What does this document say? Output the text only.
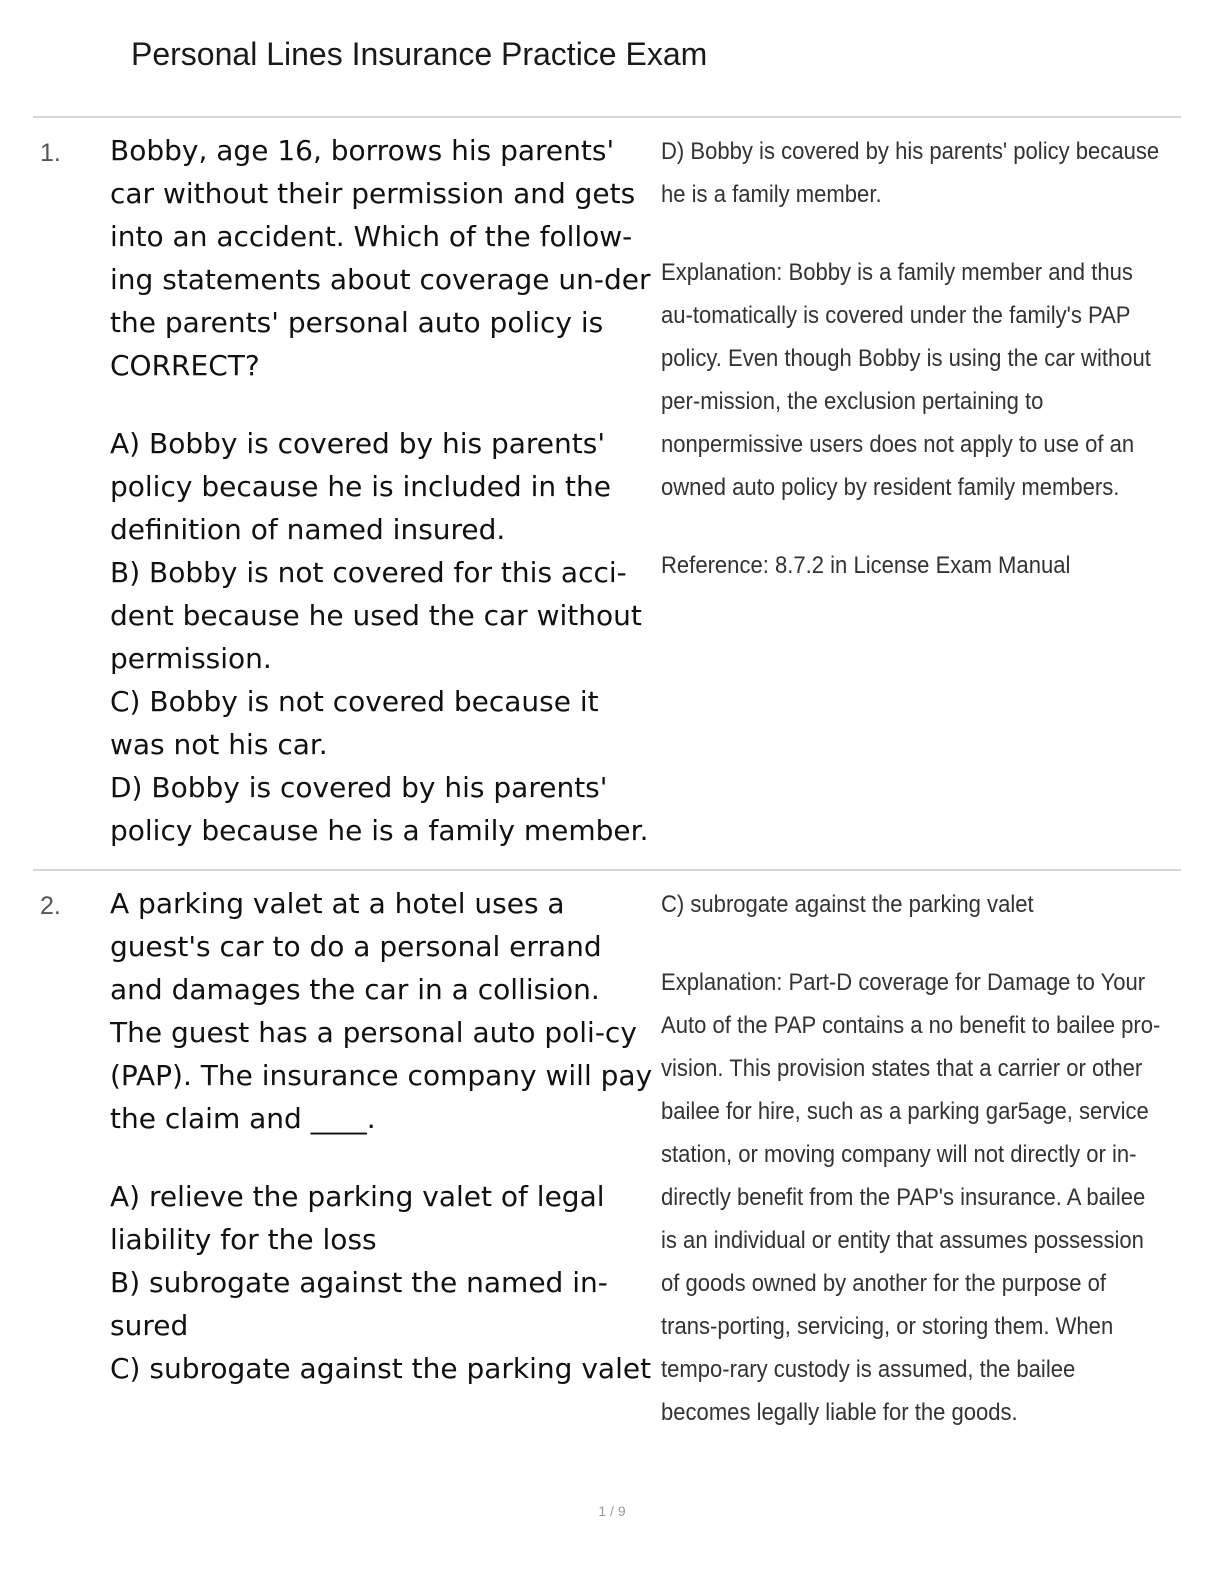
Personal Lines Insurance Practice Exam
1. Bobby, age 16, borrows his parents' car without their permission and gets into an accident. Which of the follow-ing statements about coverage un-der the parents' personal auto policy is CORRECT?

A) Bobby is covered by his parents' policy because he is included in the definition of named insured.

B) Bobby is not covered for this acci-dent because he used the car without permission.

C) Bobby is not covered because it was not his car.

D) Bobby is covered by his parents' policy because he is a family member.

D) Bobby is covered by his parents' policy because he is a family member.

Explanation: Bobby is a family member and thus au-tomatically is covered under the family's PAP policy. Even though Bobby is using the car without per-mission, the exclusion pertaining to nonpermissive users does not apply to use of an owned auto policy by resident family members.

Reference: 8.7.2 in License Exam Manual

2. A parking valet at a hotel uses a guest's car to do a personal errand and damages the car in a collision. The guest has a personal auto poli-cy (PAP). The insurance company will pay the claim and ____.

A) relieve the parking valet of legal liability for the loss

B) subrogate against the named in-sured

C) subrogate against the parking valet

C) subrogate against the parking valet

Explanation: Part-D coverage for Damage to Your Auto of the PAP contains a no benefit to bailee pro-vision. This provision states that a carrier or other bailee for hire, such as a parking gar5age, service station, or moving company will not directly or in-directly benefit from the PAP's insurance. A bailee is an individual or entity that assumes possession of goods owned by another for the purpose of trans-porting, servicing, or storing them. When tempo-rary custody is assumed, the bailee becomes legally liable for the goods.

1 / 9
